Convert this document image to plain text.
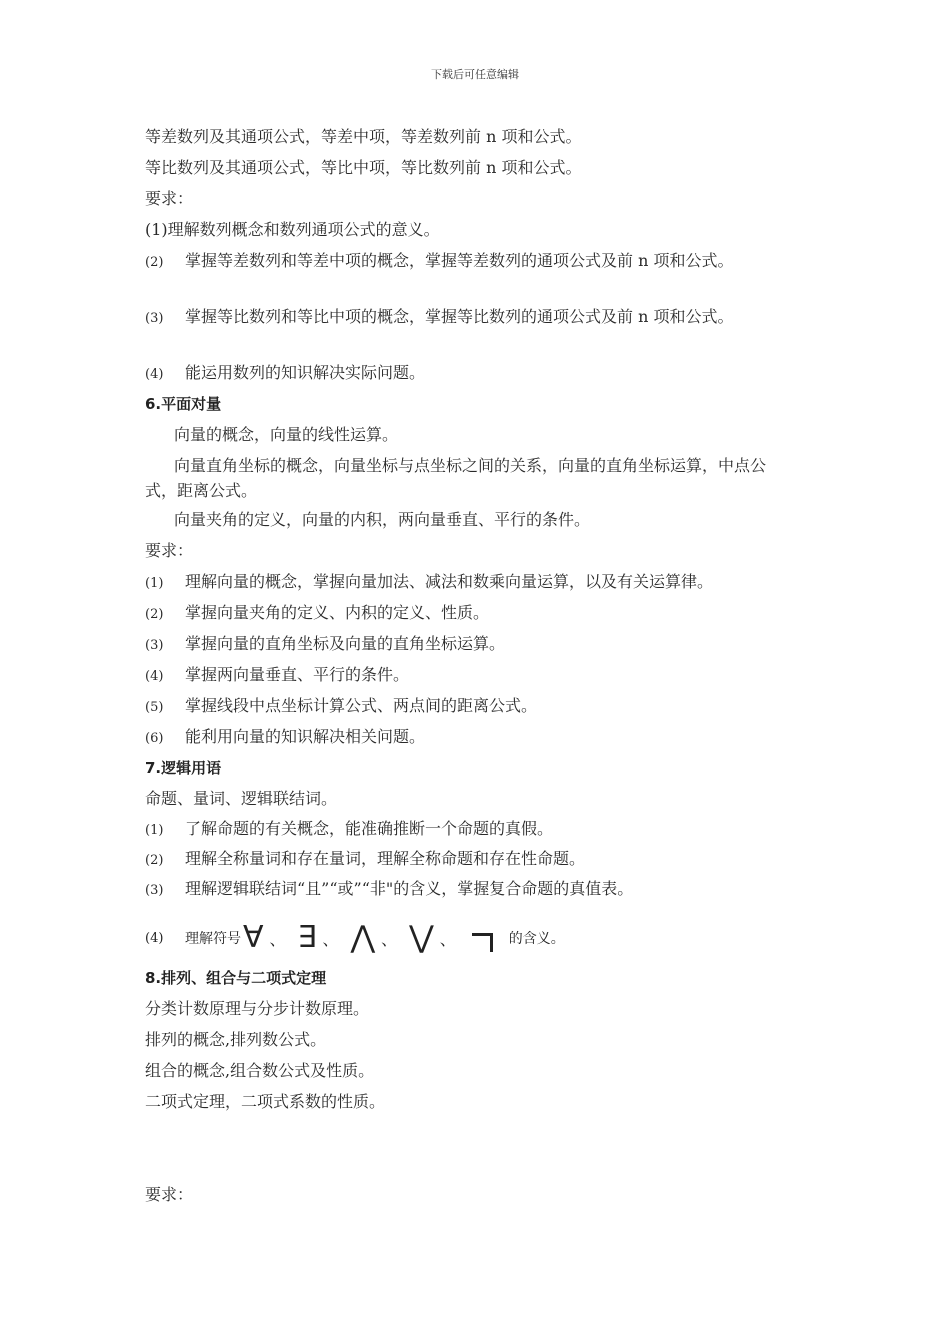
下载后可任意编辑
等差数列及其通项公式，等差中项，等差数列前 n 项和公式。
等比数列及其通项公式，等比中项，等比数列前 n 项和公式。
要求：
(1)理解数列概念和数列通项公式的意义。
(2) 掌握等差数列和等差中项的概念，掌握等差数列的通项公式及前 n 项和公式。
(3) 掌握等比数列和等比中项的概念，掌握等比数列的通项公式及前 n 项和公式。
(4) 能运用数列的知识解决实际问题。
6.平面对量
向量的概念，向量的线性运算。
向量直角坐标的概念，向量坐标与点坐标之间的关系，向量的直角坐标运算，中点公　 式，距离公式。
向量夹角的定义，向量的内积，两向量垂直、平行的条件。
要求：
(1) 理解向量的概念，掌握向量加法、减法和数乘向量运算，以及有关运算律。
(2) 掌握向量夹角的定义、内积的定义、性质。
(3) 掌握向量的直角坐标及向量的直角坐标运算。
(4) 掌握两向量垂直、平行的条件。
(5) 掌握线段中点坐标计算公式、两点间的距离公式。
(6) 能利用向量的知识解决相关问题。
7.逻辑用语
命题、量词、逻辑联结词。
(1) 了解命题的有关概念，能准确推断一个命题的真假。
(2) 理解全称量词和存在量词，理解全称命题和存在性命题。
(3) 理解逻辑联结词“且”“或”“非"的含义，掌握复合命题的真值表。
(4)	理解符号 ∀ 、 ∃ 、 ⋀ 、 ⋁ 、	的含义。
8.排列、组合与二项式定理
分类计数原理与分步计数原理。
排列的概念,排列数公式。
组合的概念,组合数公式及性质。
二项式定理，二项式系数的性质。
要求：
